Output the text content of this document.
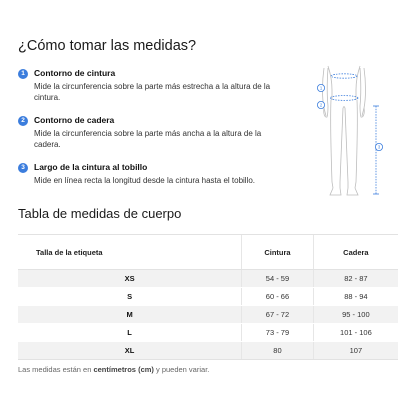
¿Cómo tomar las medidas?
1	Contorno de cintura
Mide la circunferencia sobre la parte más estrecha a la altura de la cintura.
2	Contorno de cadera
Mide la circunferencia sobre la parte más ancha a la altura de la cadera.
3	Largo de la cintura al tobillo
Mide en línea recta la longitud desde la cintura hasta el tobillo.
1
2
3
Tabla de medidas de cuerpo
Talla de la etiqueta	Cintura	Cadera
XS	54 - 59	82 - 87
S	60 - 66	88 - 94
M	67 - 72	95 - 100
L	73 - 79	101 - 106
XL	80	107
Las medidas están en centímetros (cm) y pueden variar.
